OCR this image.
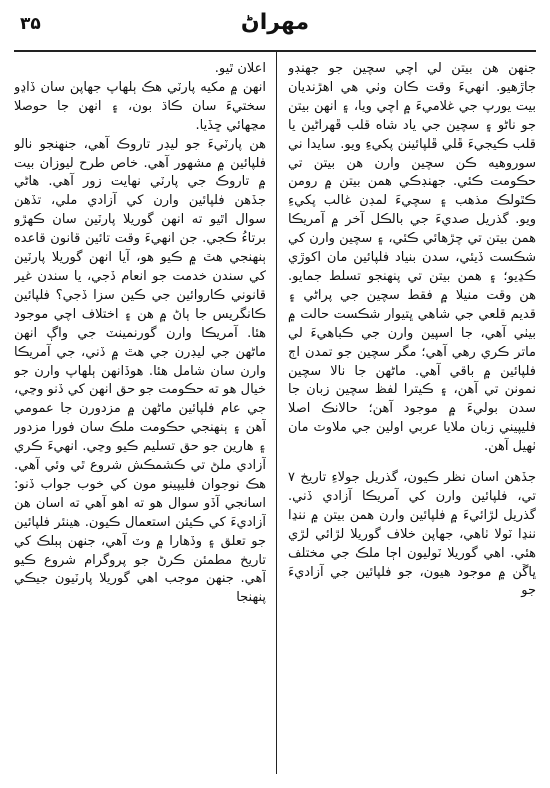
۳۵	مهراڻ

جنهن هن بيتن لي اچي سچين جو جهنڊو جاڙهيو. انهيءَ وقت ڪان وٺي هي اهڙنديان بيت يورپ جي غلاميءَ ۾ اچي ويا، ۽ انهن بيتن جو ناڻو ۽ سچين جي ياد شاه قلب ڦهراڻين يا قلب ڪيجيءَ ڦلي ڦلپائينن پکيءِ ويو. سايدا ني سوروهيه ڪن سچين وارن هن بيتن تي حڪومت ڪئي. جهنڊڪي همن بيتن ۾ رومن ڪٿولڪ مذهب ۽ سچيءَ لمڊن غالب پکيءِ ويو. گذريل صديءَ جي بالڪل آخر ۾ آمريڪا همن بيتن تي چڙهائي ڪئي، ۽ سچين وارن کي شڪست ڏيئي، سدن بنياد فلپائين مان اکوڙي ڪڍيو؛ ۽ همن بيتن تي پنهنجو تسلط جمايو. هن وقت منيلا ۾ فقط سچين جي پراڻي ۽ قديم قلعي جي شاهي ڀتيوار شڪست حالت ۾ بيٺي آهي، جا اسپين وارن جي ڪباهيءَ لي ماتر ڪري رهي آهي؛ مگر سچين جو تمدن اڄ فلپائين ۾ باقي آهي. ماڻهن جا نالا سچين نمونن تي آهن، ۽ ڪيترا لفظ سچين زبان جا سدن بوليءَ ۾ موجود آهن؛ حالانڪ اصلا فليپيني زبان ملايا عربي اولين جي ملاوٽ مان ٺهيل آهن.

جڏهن اسان نظر ڪيون، گذريل جولاءِ تاريخ ۷ تي، فلپائين وارن کي آمريڪا آزادي ڏني. گذريل لڙائيءَ ۾ فلپائين وارن همن بيتن ۾ ننڍا ننڍا ٽولا ٺاهي، جهاپن خلاف گوريلا لڙائي لڙي هئي. اهي گوريلا ٽوليون اڄا ملڪ جي مختلف ڀاڱن ۾ موجود هيون، جو فلپائين جي آزاديءَ جو

اعلان ٿيو.

انهن ۾ مکيه پارٽي هڪ ٻلهاپ جهاپن سان ڏاڍو سختيءَ سان ڪاڌ بون، ۽ انهن جا حوصلا مڃهائي ڇڏيا.

هن پارٽيءَ جو ليڊر تاروڪ آهي، جنهنجو نالو فلپائين ۾ مشهور آهي. خاص طرح ليوزان بيت ۾ تاروڪ جي پارٽي نهايت زور آهي. هاڻي جڏهن فلپائين وارن کي آزادي ملي، تڏهن سوال اٿيو ته انهن گوريلا پارٽين سان ڪهڙو برتاءُ ڪجي. جن انهيءَ وقت تائين قانون قاعده ٻنهنجي هٿ ۾ ڪيو هو، آيا انهن گوريلا پارٽين کي سندن خدمت جو انعام ڏجي، يا سندن غير قانوني ڪاروائين جي ڪين سزا ڏجي؟ فلپائين ڪانگريس جا ٻاڻ ۾ هن ۽ اختلاف اچي موجود هئا. آمريڪا وارن گورنمينٽ جي واڳ انهن ماڻهن جي ليڊرن جي هٿ ۾ ڏني، جي آمريڪا وارن سان شامل هئا. هوڏانهن ٻلهاپ وارن جو خيال هو ته حڪومت جو حق انهن کي ڏنو وڃي، جي عام فلپائين ماڻهن ۾ مزدورن جا عمومي آهن ۽ ٻنهنجي حڪومت ملڪ سان فورا مزدور ۽ هارين جو حق تسليم ڪيو وڃي. انهيءَ ڪري آزادي ملڻ تي ڪشمڪش شروع ٿي وئي آهي. هڪ نوجوان فليپينو مون کي خوب جواب ڏنو: اسانجي آڏو سوال هو ته اهو آهي ته اسان هن آزاديءَ کي ڪيئن استعمال ڪيون. هينئر فلپائين جو تعلق ۽ وڏهارا ۾ وٽ آهي، جنهن ٻبلڪ کي تاريخ مطمئن ڪرڻ جو پروگرام شروع ڪيو آهي. جنهن موجب اهي گوريلا پارٽيون جيڪي پنهنجا
